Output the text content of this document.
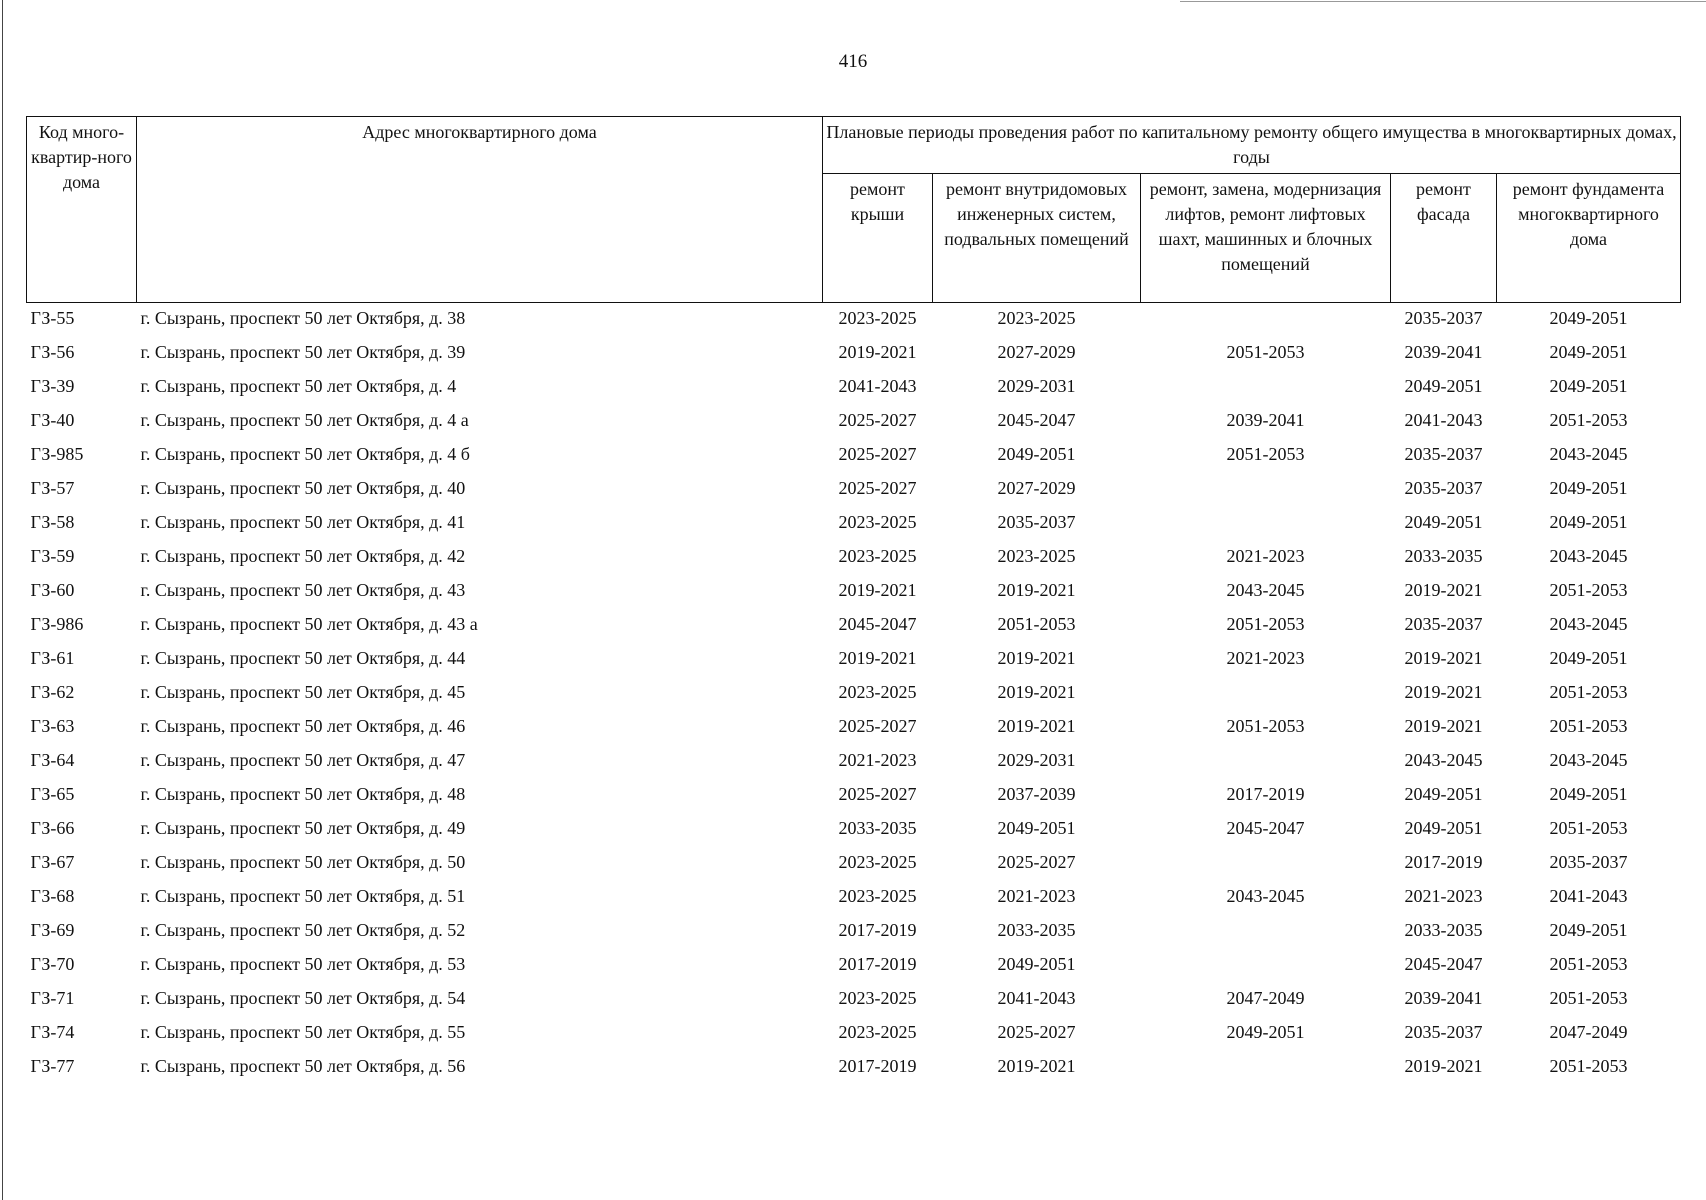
416
Код много-квартир-ного дома	Адрес многоквартирного дома	Плановые периоды проведения работ по капитальному ремонту общего имущества в многоквартирных домах, годы				
		ремонт крыши	ремонт внутридомовых инженерных систем, подвальных помещений	ремонт, замена, модернизация лифтов, ремонт лифтовых шахт, машинных и блочных помещений	ремонт фасада	ремонт фундамента многоквартирного дома
ГЗ-55	г. Сызрань, проспект 50 лет Октября, д. 38	2023-2025	2023-2025		2035-2037	2049-2051
ГЗ-56	г. Сызрань, проспект 50 лет Октября, д. 39	2019-2021	2027-2029	2051-2053	2039-2041	2049-2051
ГЗ-39	г. Сызрань, проспект 50 лет Октября, д. 4	2041-2043	2029-2031		2049-2051	2049-2051
ГЗ-40	г. Сызрань, проспект 50 лет Октября, д. 4 а	2025-2027	2045-2047	2039-2041	2041-2043	2051-2053
ГЗ-985	г. Сызрань, проспект 50 лет Октября, д. 4 б	2025-2027	2049-2051	2051-2053	2035-2037	2043-2045
ГЗ-57	г. Сызрань, проспект 50 лет Октября, д. 40	2025-2027	2027-2029		2035-2037	2049-2051
ГЗ-58	г. Сызрань, проспект 50 лет Октября, д. 41	2023-2025	2035-2037		2049-2051	2049-2051
ГЗ-59	г. Сызрань, проспект 50 лет Октября, д. 42	2023-2025	2023-2025	2021-2023	2033-2035	2043-2045
ГЗ-60	г. Сызрань, проспект 50 лет Октября, д. 43	2019-2021	2019-2021	2043-2045	2019-2021	2051-2053
ГЗ-986	г. Сызрань, проспект 50 лет Октября, д. 43 а	2045-2047	2051-2053	2051-2053	2035-2037	2043-2045
ГЗ-61	г. Сызрань, проспект 50 лет Октября, д. 44	2019-2021	2019-2021	2021-2023	2019-2021	2049-2051
ГЗ-62	г. Сызрань, проспект 50 лет Октября, д. 45	2023-2025	2019-2021		2019-2021	2051-2053
ГЗ-63	г. Сызрань, проспект 50 лет Октября, д. 46	2025-2027	2019-2021	2051-2053	2019-2021	2051-2053
ГЗ-64	г. Сызрань, проспект 50 лет Октября, д. 47	2021-2023	2029-2031		2043-2045	2043-2045
ГЗ-65	г. Сызрань, проспект 50 лет Октября, д. 48	2025-2027	2037-2039	2017-2019	2049-2051	2049-2051
ГЗ-66	г. Сызрань, проспект 50 лет Октября, д. 49	2033-2035	2049-2051	2045-2047	2049-2051	2051-2053
ГЗ-67	г. Сызрань, проспект 50 лет Октября, д. 50	2023-2025	2025-2027		2017-2019	2035-2037
ГЗ-68	г. Сызрань, проспект 50 лет Октября, д. 51	2023-2025	2021-2023	2043-2045	2021-2023	2041-2043
ГЗ-69	г. Сызрань, проспект 50 лет Октября, д. 52	2017-2019	2033-2035		2033-2035	2049-2051
ГЗ-70	г. Сызрань, проспект 50 лет Октября, д. 53	2017-2019	2049-2051		2045-2047	2051-2053
ГЗ-71	г. Сызрань, проспект 50 лет Октября, д. 54	2023-2025	2041-2043	2047-2049	2039-2041	2051-2053
ГЗ-74	г. Сызрань, проспект 50 лет Октября, д. 55	2023-2025	2025-2027	2049-2051	2035-2037	2047-2049
ГЗ-77	г. Сызрань, проспект 50 лет Октября, д. 56	2017-2019	2019-2021		2019-2021	2051-2053
